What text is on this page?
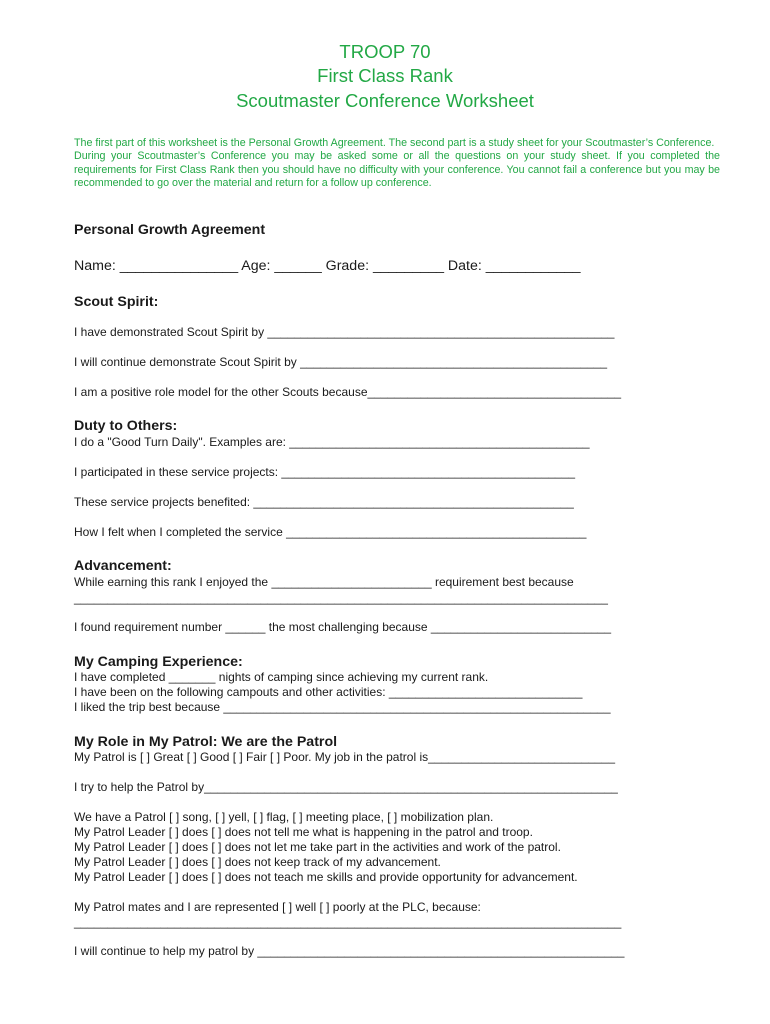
TROOP 70
First Class Rank
Scoutmaster Conference Worksheet

The first part of this worksheet is the Personal Growth Agreement. The second part is a study sheet for your Scoutmaster’s Conference.

During your Scoutmaster’s Conference you may be asked some or all the questions on your study sheet. If you completed the requirements for First Class Rank then you should have no difficulty with your conference. You cannot fail a conference but you may be recommended to go over the material and return for a follow up conference.

Personal Growth Agreement
Name: _______________ Age: ______ Grade: _________ Date: ____________
Scout Spirit:
I have demonstrated Scout Spirit by ____________________________________________________
I will continue demonstrate Scout Spirit by ______________________________________________
I am a positive role model for the other Scouts because______________________________________
Duty to Others:
I do a "Good Turn Daily". Examples are: _____________________________________________
I participated in these service projects: ____________________________________________
These service projects benefited: ________________________________________________
How I felt when I completed the service _____________________________________________
Advancement:
While earning this rank I enjoyed the ________________________ requirement best because
________________________________________________________________________________
I found requirement number ______ the most challenging because ___________________________
My Camping Experience:
I have completed _______ nights of camping since achieving my current rank.
I have been on the following campouts and other activities: _____________________________
I liked the trip best because __________________________________________________________
My Role in My Patrol: We are the Patrol
My Patrol is [ ] Great [ ] Good [ ] Fair [ ] Poor. My job in the patrol is____________________________
I try to help the Patrol by______________________________________________________________
We have a Patrol [ ] song, [ ] yell, [ ] flag, [ ] meeting place, [ ] mobilization plan.
My Patrol Leader [ ] does [ ] does not tell me what is happening in the patrol and troop.
My Patrol Leader [ ] does [ ] does not let me take part in the activities and work of the patrol.
My Patrol Leader [ ] does [ ] does not keep track of my advancement.
My Patrol Leader [ ] does [ ] does not teach me skills and provide opportunity for advancement.
My Patrol mates and I are represented [ ] well [ ] poorly at the PLC, because:
__________________________________________________________________________________
I will continue to help my patrol by _______________________________________________________
